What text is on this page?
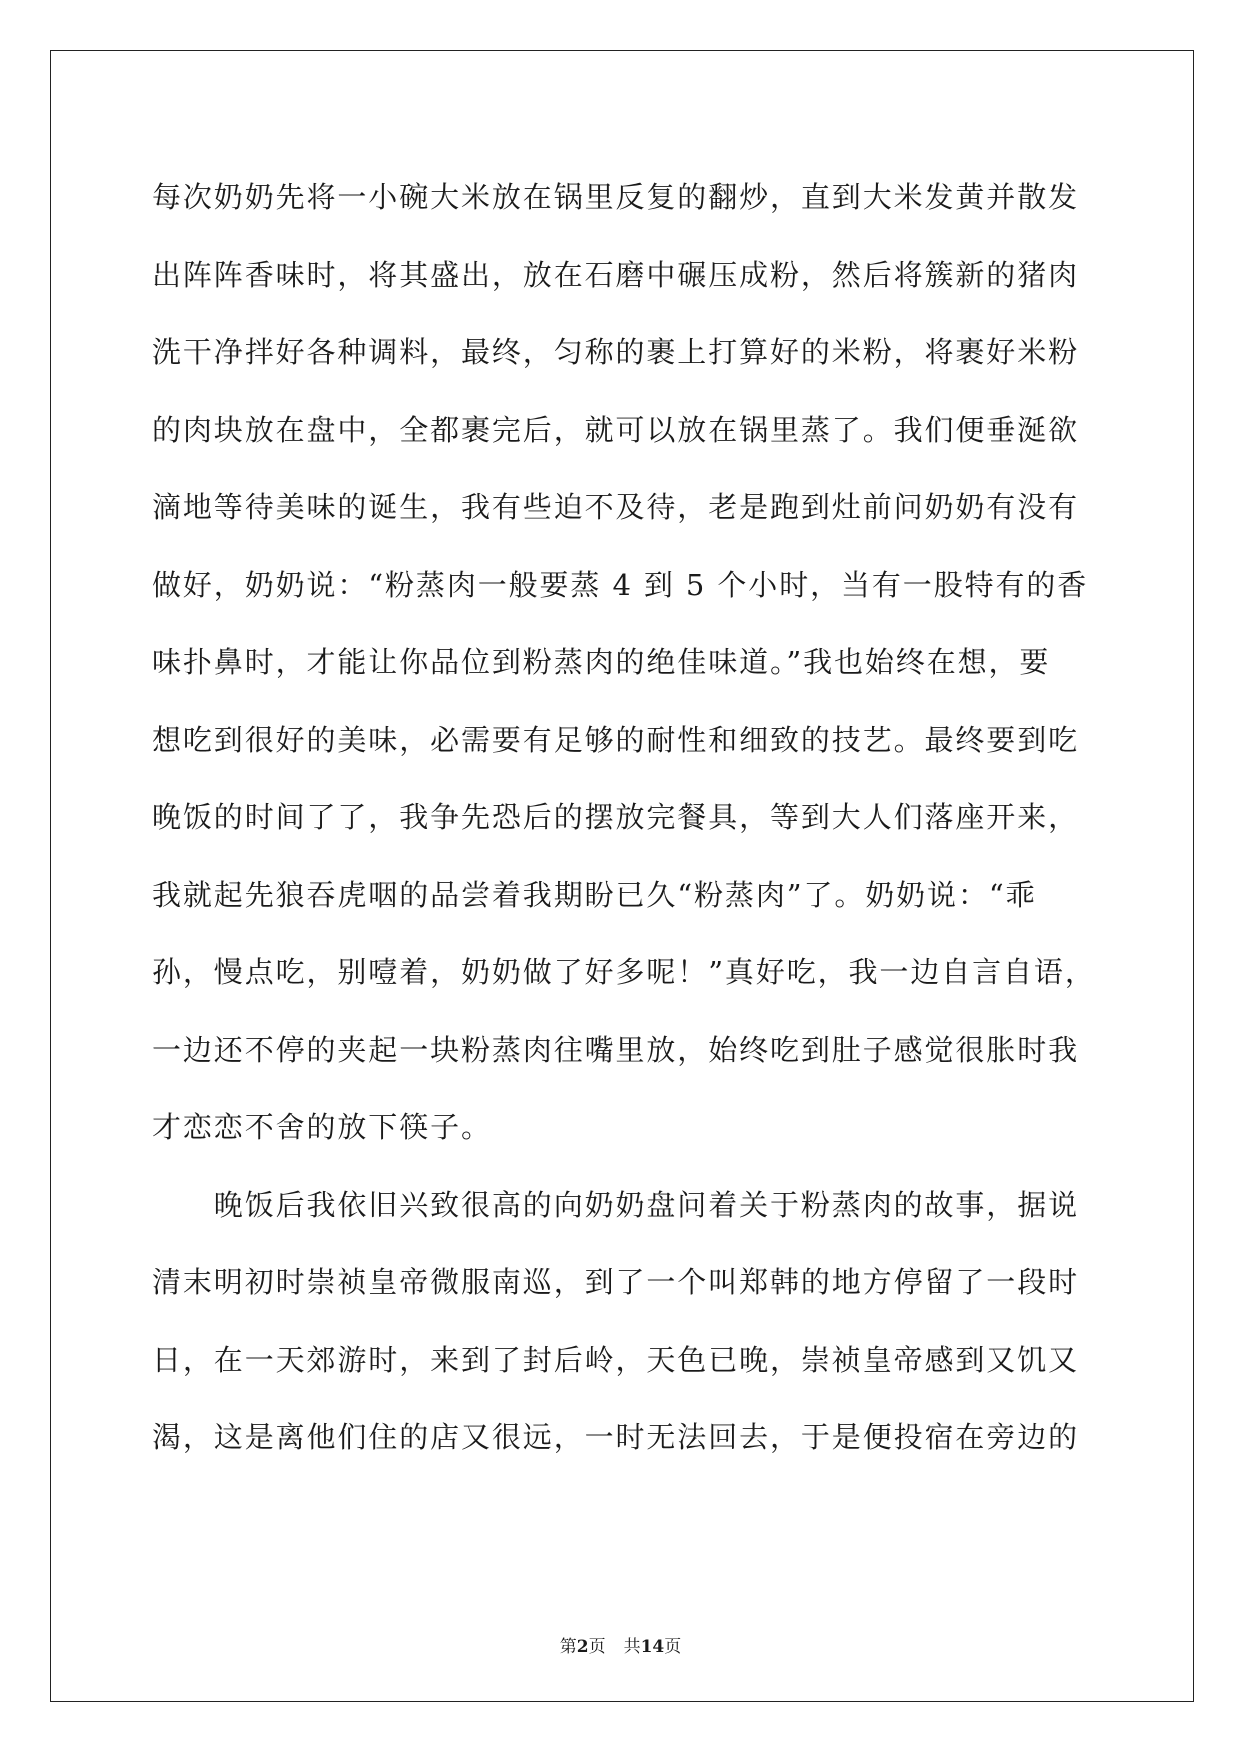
每次奶奶先将一小碗大米放在锅里反复的翻炒，直到大米发黄并散发
出阵阵香味时，将其盛出，放在石磨中碾压成粉，然后将簇新的猪肉
洗干净拌好各种调料，最终，匀称的裹上打算好的米粉，将裹好米粉
的肉块放在盘中，全都裹完后，就可以放在锅里蒸了。我们便垂涎欲
滴地等待美味的诞生，我有些迫不及待，老是跑到灶前问奶奶有没有
做好，奶奶说：“粉蒸肉一般要蒸 4 到 5 个小时，当有一股特有的香
味扑鼻时，才能让你品位到粉蒸肉的绝佳味道。”我也始终在想，要
想吃到很好的美味，必需要有足够的耐性和细致的技艺。最终要到吃
晚饭的时间了了，我争先恐后的摆放完餐具，等到大人们落座开来，
我就起先狼吞虎咽的品尝着我期盼已久“粉蒸肉”了。奶奶说：“乖
孙，慢点吃，别噎着，奶奶做了好多呢！”真好吃，我一边自言自语，
一边还不停的夹起一块粉蒸肉往嘴里放，始终吃到肚子感觉很胀时我
才恋恋不舍的放下筷子。
　　晚饭后我依旧兴致很高的向奶奶盘问着关于粉蒸肉的故事，据说
清末明初时崇祯皇帝微服南巡，到了一个叫郑韩的地方停留了一段时
日，在一天郊游时，来到了封后岭，天色已晚，崇祯皇帝感到又饥又
渴，这是离他们住的店又很远，一时无法回去，于是便投宿在旁边的
第2页 共14页
